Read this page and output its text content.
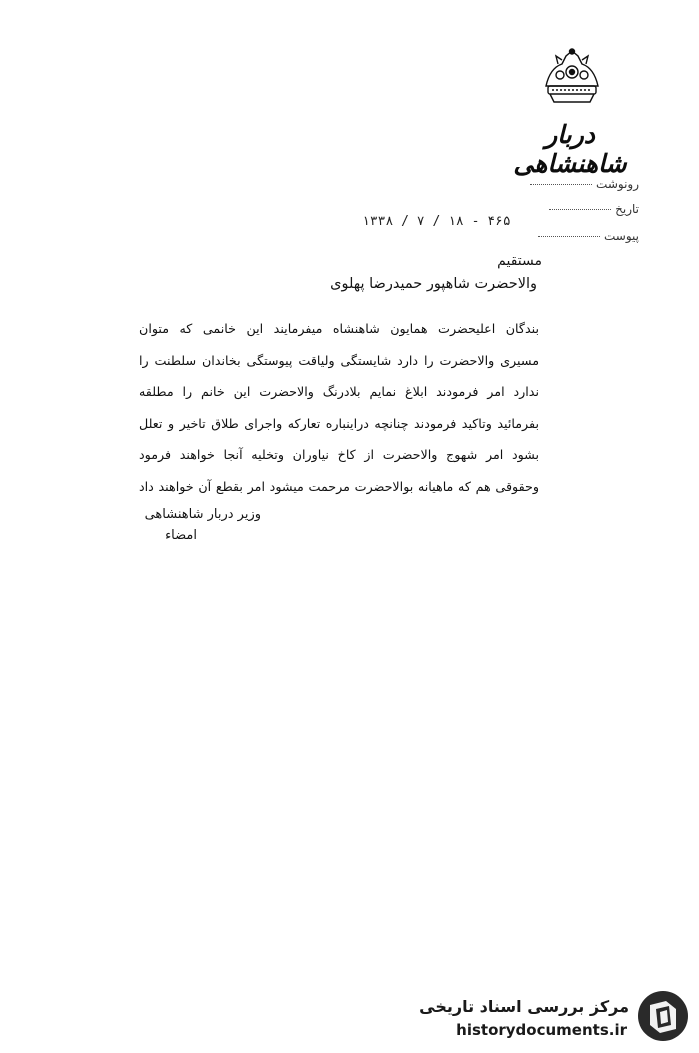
دربار شاهنشاهی
رونوشت
تاریخ
پیوست
۱۳۳۸ / ۷ / ۱۸ - ۴۶۵
مستقیم
والاحضرت شاهپور حمیدرضا پهلوی
بندگان اعلیحضرت همایون شاهنشاه میفرمایند این خانمی که متوان
مسیری والاحضرت را دارد شایستگی ولیاقت پیوستگی بخاندان سلطنت را
ندارد امر فرمودند ابلاغ نمایم بلادرنگ والاحضرت این خانم را مطلقه
بفرمائید وتاکید فرمودند چنانچه دراینباره تعارکه واجرای طلاق تاخیر و تعلل
بشود امر شهوج والاحضرت از کاخ نیاوران وتخلیه آنجا خواهند فرمود
وحقوقی هم که ماهیانه بوالاحضرت مرحمت میشود امر بقطع آن خواهند داد
وزیر دربار شاهنشاهی
امضاء
مرکز بررسی اسناد تاریخی
historydocuments.ir
